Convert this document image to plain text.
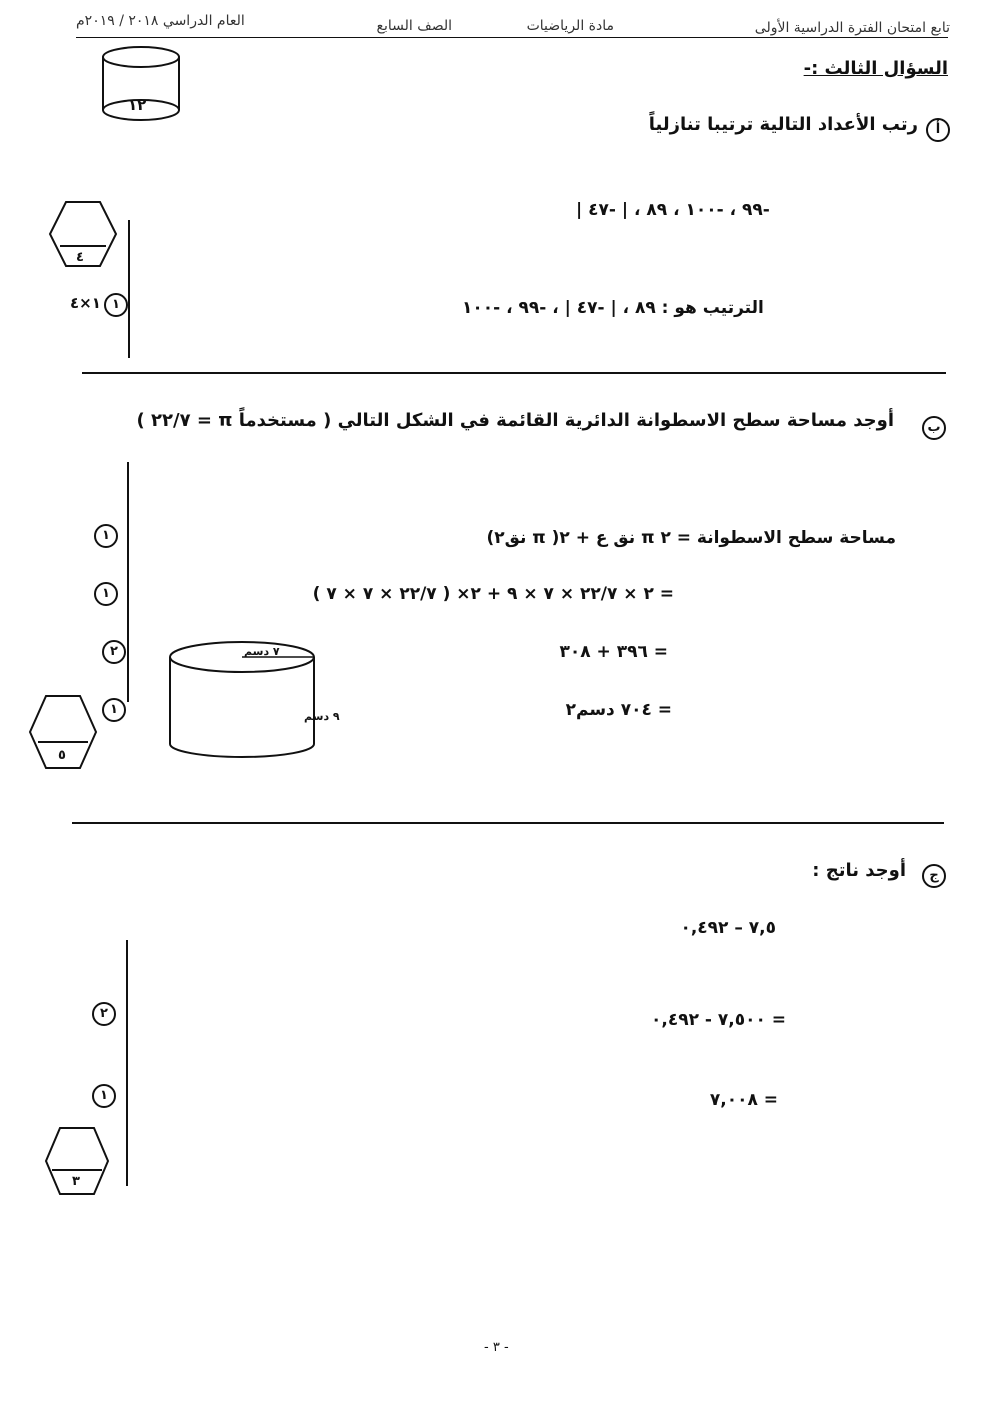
تابع امتحان الفترة الدراسية الأولى
مادة الرياضيات
الصف السابع
العام الدراسي ٢٠١٨ / ٢٠١٩م
١٢
السؤال الثالث :-
أ
رتب الأعداد التالية ترتيبا تنازلياً
-٩٩ ، -١٠٠ ، ٨٩ ، | -٤٧ |
الترتيب هو : ٨٩ ، | -٤٧ | ، -٩٩ ، -١٠٠
٤
١
١×٤
ب
أوجد مساحة سطح الاسطوانة الدائرية القائمة في الشكل التالي ( مستخدماً π = ٢٢/٧ )
مساحة سطح الاسطوانة = ٢ π نق ع + ٢( π نق٢)
= ٢ × ٢٢/٧ × ٧ × ٩ + ٢× ( ٢٢/٧ × ٧ × ٧ )
= ٣٩٦ + ٣٠٨
= ٧٠٤ دسم٢
١
١
٢
١
٧ دسم
٩ دسم
٥
ج
أوجد ناتج :
٧,٥ – ٠,٤٩٢
= ٧,٥٠٠ - ٠,٤٩٢
= ٧,٠٠٨
٢
١
٣
- ٣ -
